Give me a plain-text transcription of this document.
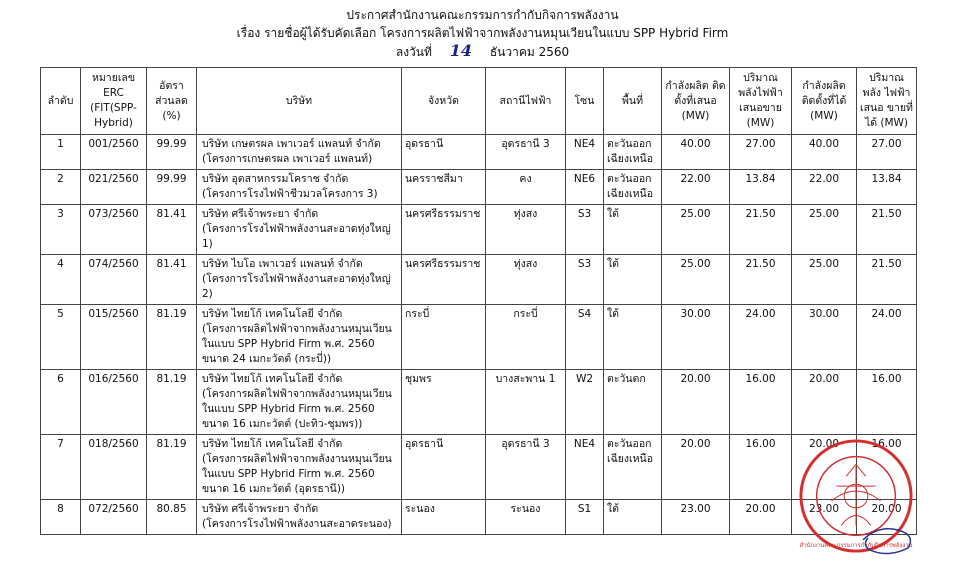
ประกาศสำนักงานคณะกรรมการกำกับกิจการพลังงาน
เรื่อง รายชื่อผู้ได้รับคัดเลือก โครงการผลิตไฟฟ้าจากพลังงานหมุนเวียนในแบบ SPP Hybrid Firm
ลงวันที่ 14 ธันวาคม 2560
ลำดับ	หมายเลข ERC (FIT(SPP-Hybrid)	อัตรา ส่วนลด (%)	บริษัท	จังหวัด	สถานีไฟฟ้า	โซน	พื้นที่	กำลังผลิต ติดตั้งที่เสนอ (MW)	ปริมาณ พลังไฟฟ้า เสนอขาย (MW)	กำลังผลิต ติดตั้งที่ได้ (MW)	ปริมาณพลัง ไฟฟ้าเสนอ ขายที่ได้ (MW)
1	001/2560	99.99	บริษัท เกษตรผล เพาเวอร์ แพลนท์ จำกัด
(โครงการเกษตรผล เพาเวอร์ แพลนท์)	อุดรธานี	อุดรธานี 3	NE4	ตะวันออกเฉียงเหนือ	40.00	27.00	40.00	27.00
2	021/2560	99.99	บริษัท อุตสาหกรรมโคราช จำกัด
(โครงการโรงไฟฟ้าชีวมวลโครงการ 3)	นครราชสีมา	คง	NE6	ตะวันออกเฉียงเหนือ	22.00	13.84	22.00	13.84
3	073/2560	81.41	บริษัท ศรีเจ้าพระยา จำกัด
(โครงการโรงไฟฟ้าพลังงานสะอาดทุ่งใหญ่ 1)	นครศรีธรรมราช	ทุ่งสง	S3	ใต้	25.00	21.50	25.00	21.50
4	074/2560	81.41	บริษัท ไบโอ เพาเวอร์ แพลนท์ จำกัด
(โครงการโรงไฟฟ้าพลังงานสะอาดทุ่งใหญ่ 2)	นครศรีธรรมราช	ทุ่งสง	S3	ใต้	25.00	21.50	25.00	21.50
5	015/2560	81.19	บริษัท ไทยโก้ เทคโนโลยี จำกัด
(โครงการผลิตไฟฟ้าจากพลังงานหมุนเวียนในแบบ SPP Hybrid Firm พ.ศ. 2560 ขนาด 24 เมกะวัตต์ (กระบี่))	กระบี่	กระบี่	S4	ใต้	30.00	24.00	30.00	24.00
6	016/2560	81.19	บริษัท ไทยโก้ เทคโนโลยี จำกัด
(โครงการผลิตไฟฟ้าจากพลังงานหมุนเวียนในแบบ SPP Hybrid Firm พ.ศ. 2560 ขนาด 16 เมกะวัตต์ (ปะทิว-ชุมพร))	ชุมพร	บางสะพาน 1	W2	ตะวันตก	20.00	16.00	20.00	16.00
7	018/2560	81.19	บริษัท ไทยโก้ เทคโนโลยี จำกัด
(โครงการผลิตไฟฟ้าจากพลังงานหมุนเวียนในแบบ SPP Hybrid Firm พ.ศ. 2560 ขนาด 16 เมกะวัตต์ (อุดรธานี))	อุดรธานี	อุดรธานี 3	NE4	ตะวันออกเฉียงเหนือ	20.00	16.00	20.00	16.00
8	072/2560	80.85	บริษัท ศรีเจ้าพระยา จำกัด
(โครงการโรงไฟฟ้าพลังงานสะอาดระนอง)	ระนอง	ระนอง	S1	ใต้	23.00	20.00	23.00	20.00
สำนักงานคณะกรรมการกำกับกิจการพลังงาน
